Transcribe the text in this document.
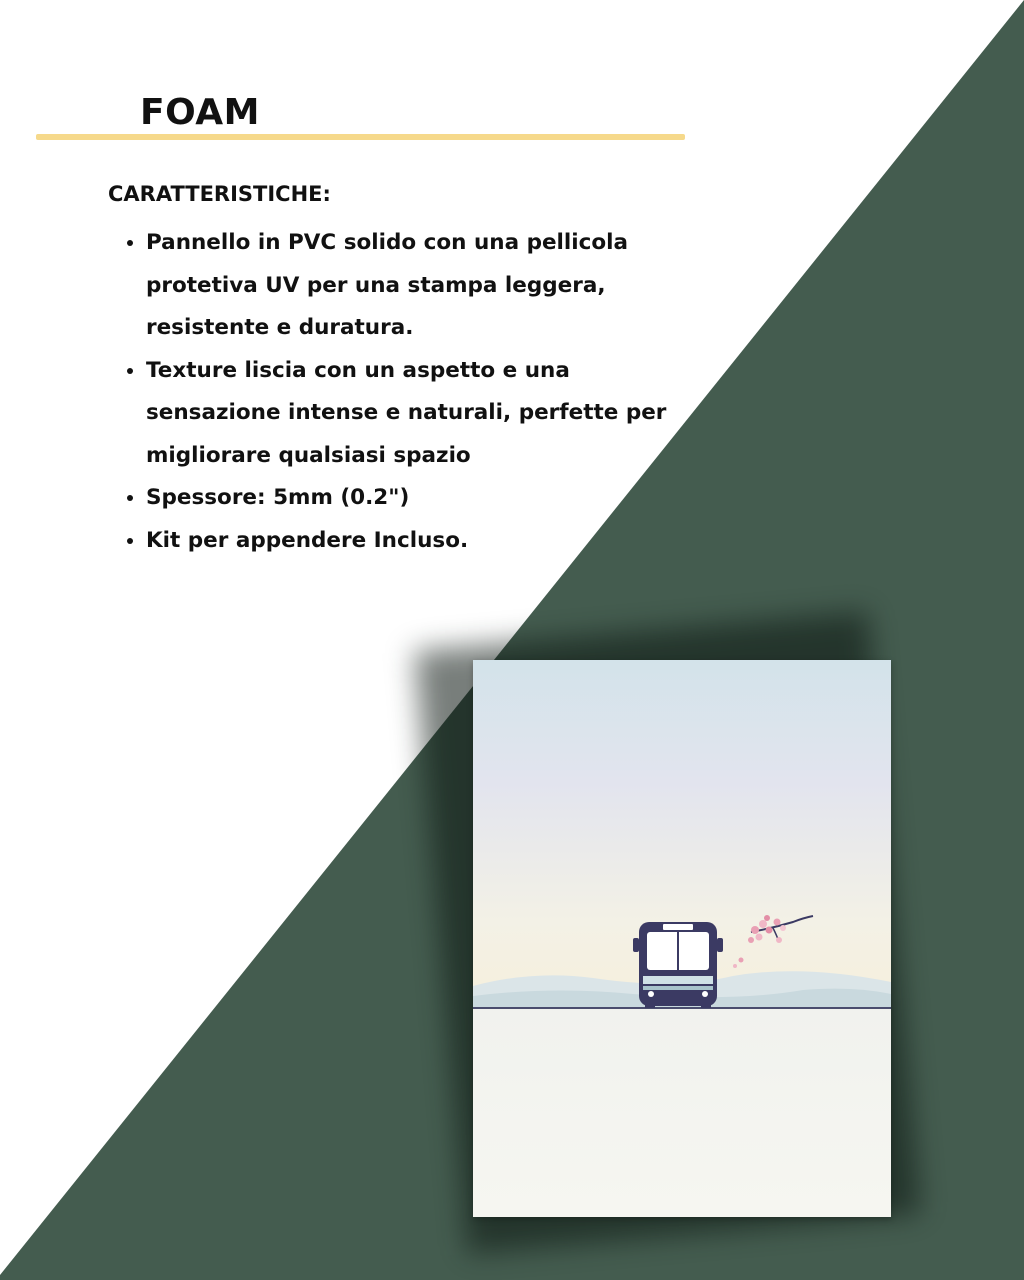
FOAM
CARATTERISTICHE:
• Pannello in PVC solido con una pellicola protetiva UV per una stampa leggera, resistente e duratura.
• Texture liscia con un aspetto e una sensazione intense e naturali, perfette per migliorare qualsiasi spazio
• Spessore: 5mm (0.2")
• Kit per appendere Incluso.
